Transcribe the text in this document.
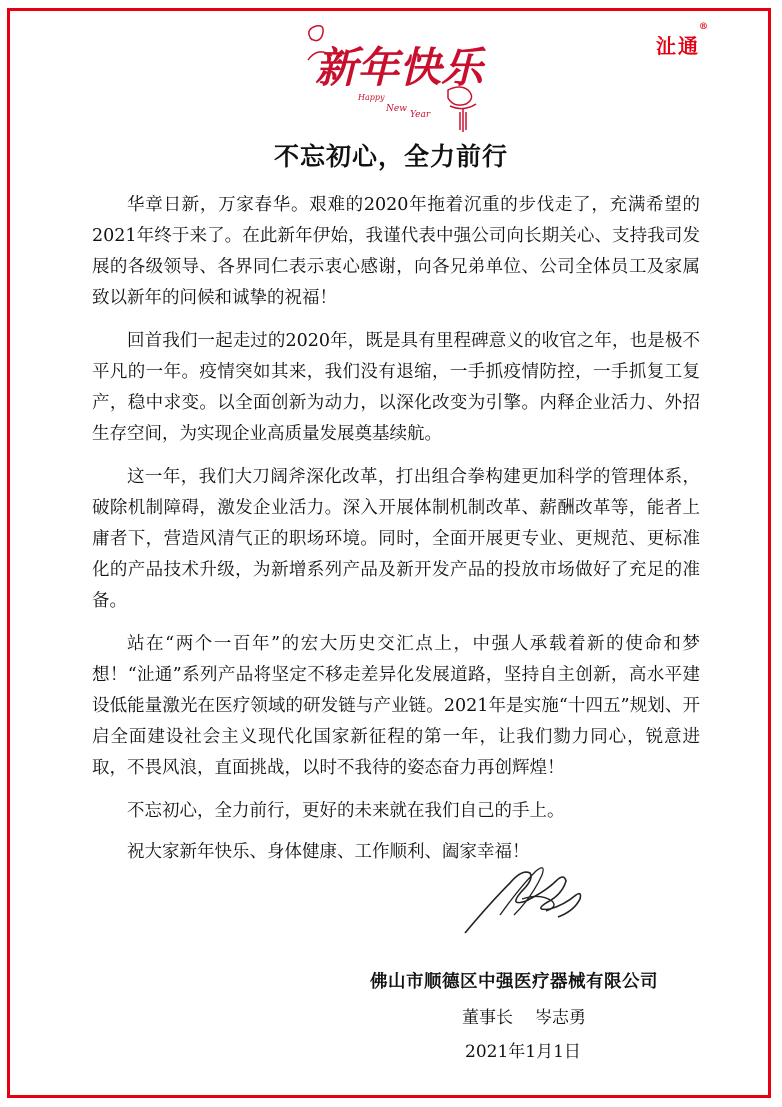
新年快乐
Happy
New
Year
沚通
®
不忘初心，全力前行

华章日新，万家春华。艰难的2020年拖着沉重的步伐走了，充满希望的2021年终于来了。在此新年伊始，我谨代表中强公司向长期关心、支持我司发展的各级领导、各界同仁表示衷心感谢，向各兄弟单位、公司全体员工及家属致以新年的问候和诚挚的祝福！

回首我们一起走过的2020年，既是具有里程碑意义的收官之年，也是极不平凡的一年。疫情突如其来，我们没有退缩，一手抓疫情防控，一手抓复工复产，稳中求变。以全面创新为动力，以深化改变为引擎。内释企业活力、外招生存空间，为实现企业高质量发展奠基续航。

这一年，我们大刀阔斧深化改革，打出组合拳构建更加科学的管理体系，破除机制障碍，激发企业活力。深入开展体制机制改革、薪酬改革等，能者上庸者下，营造风清气正的职场环境。同时，全面开展更专业、更规范、更标准化的产品技术升级，为新增系列产品及新开发产品的投放市场做好了充足的准备。

站在“两个一百年”的宏大历史交汇点上，中强人承载着新的使命和梦想！“沚通”系列产品将坚定不移走差异化发展道路，坚持自主创新，高水平建设低能量激光在医疗领域的研发链与产业链。2021年是实施“十四五”规划、开启全面建设社会主义现代化国家新征程的第一年，让我们勠力同心，锐意进取，不畏风浪，直面挑战，以时不我待的姿态奋力再创辉煌！

不忘初心，全力前行，更好的未来就在我们自己的手上。

祝大家新年快乐、身体健康、工作顺利、阖家幸福！

佛山市顺德区中强医疗器械有限公司
董事长 岑志勇
2021年1月1日
